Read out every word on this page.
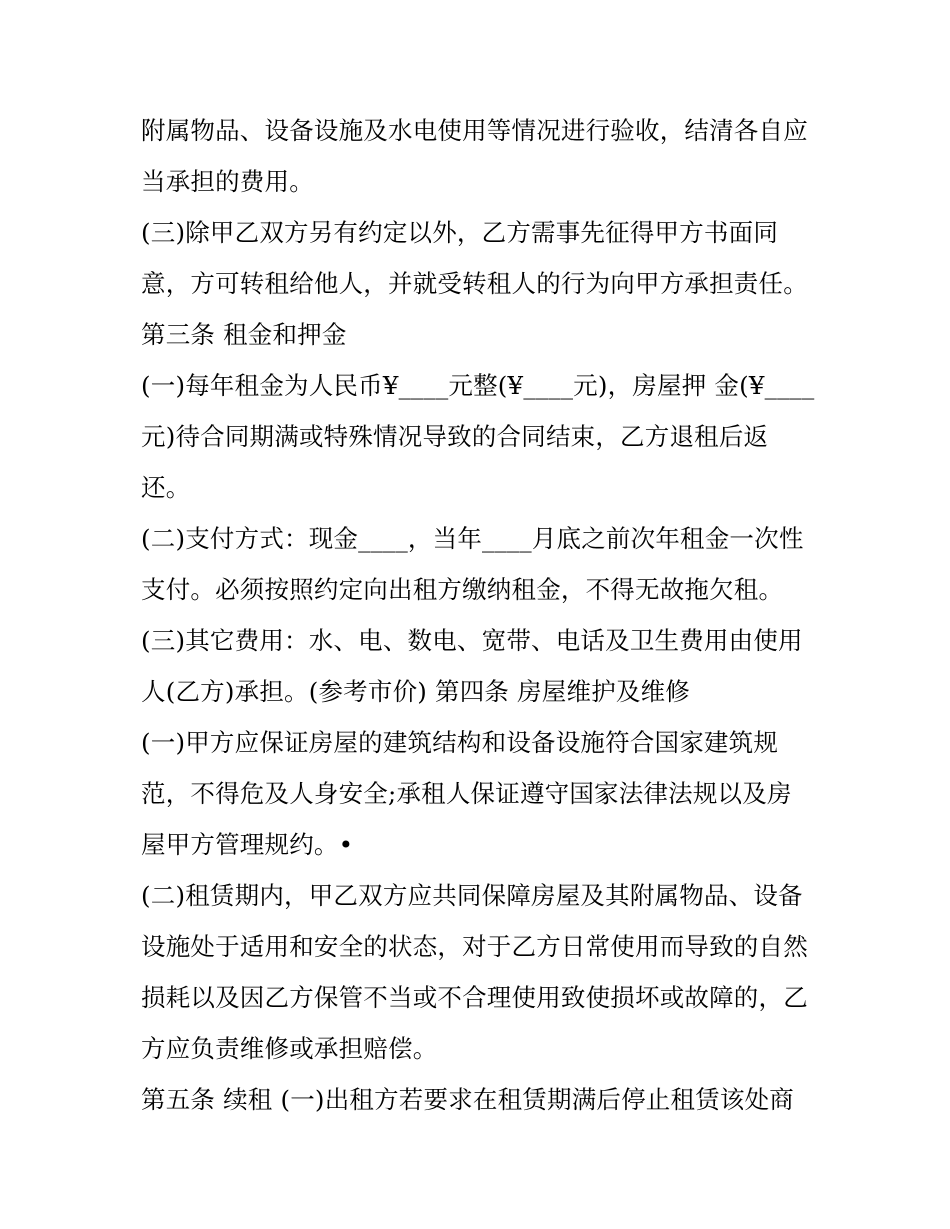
附属物品、设备设施及水电使用等情况进行验收，结清各自应
当承担的费用。
(三)除甲乙双方另有约定以外，乙方需事先征得甲方书面同
意，方可转租给他人，并就受转租人的行为向甲方承担责任。
第三条 租金和押金
(一)每年租金为人民币¥____元整(¥____元)，房屋押 金(¥____
元)待合同期满或特殊情况导致的合同结束，乙方退租后返
还。
(二)支付方式：现金____，当年____月底之前次年租金一次性
支付。必须按照约定向出租方缴纳租金，不得无故拖欠租。
(三)其它费用：水、电、数电、宽带、电话及卫生费用由使用
人(乙方)承担。(参考市价) 第四条 房屋维护及维修
(一)甲方应保证房屋的建筑结构和设备设施符合国家建筑规
范，不得危及人身安全;承租人保证遵守国家法律法规以及房
屋甲方管理规约。•
(二)租赁期内，甲乙双方应共同保障房屋及其附属物品、设备
设施处于适用和安全的状态，对于乙方日常使用而导致的自然
损耗以及因乙方保管不当或不合理使用致使损坏或故障的，乙
方应负责维修或承担赔偿。
第五条 续租 (一)出租方若要求在租赁期满后停止租赁该处商
